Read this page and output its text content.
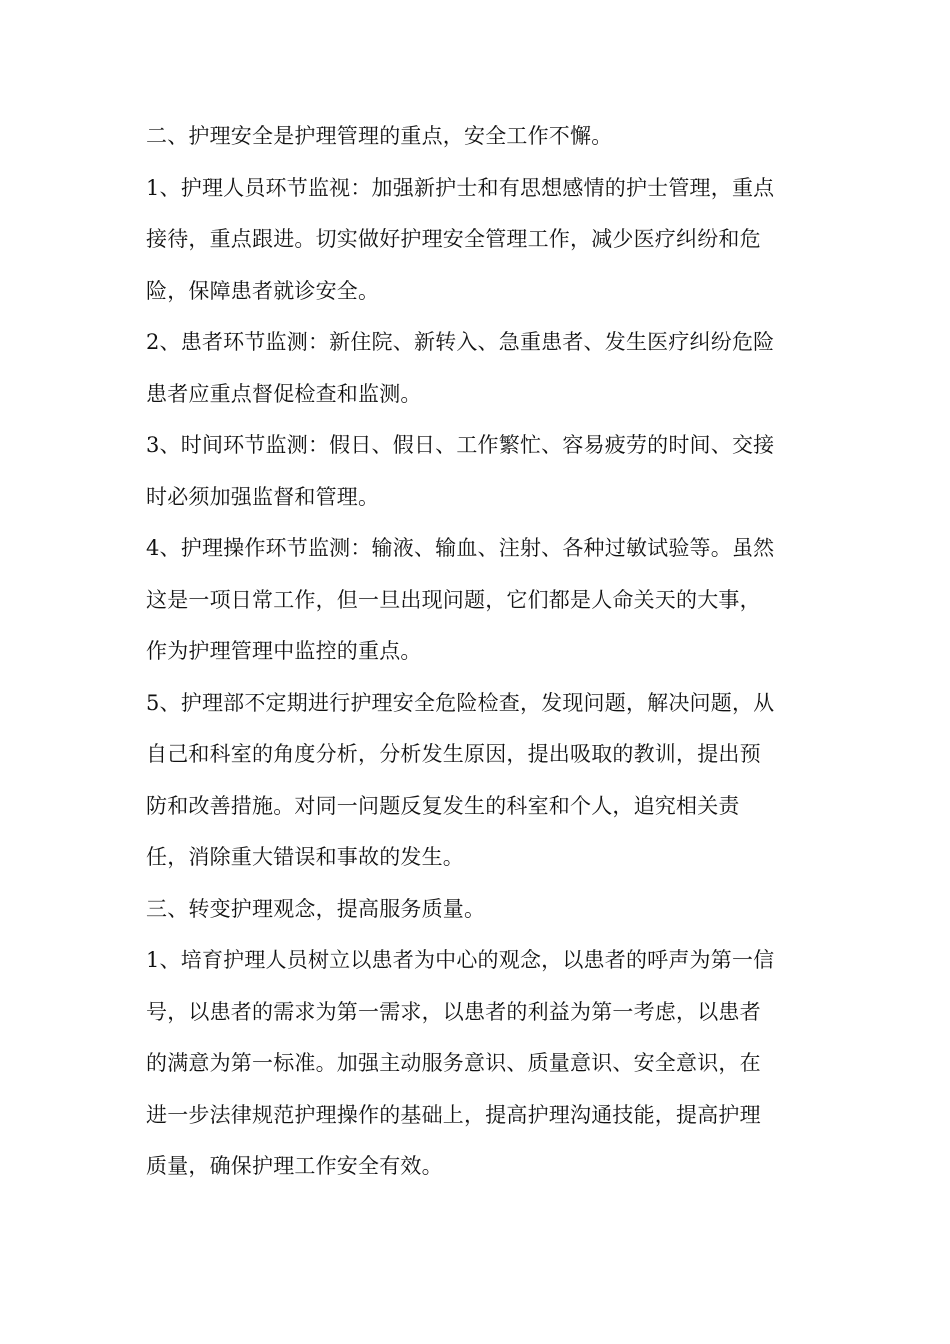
二、护理安全是护理管理的重点，安全工作不懈。
1、护理人员环节监视：加强新护士和有思想感情的护士管理，重点
接待，重点跟进。切实做好护理安全管理工作，减少医疗纠纷和危
险，保障患者就诊安全。
2、患者环节监测：新住院、新转入、急重患者、发生医疗纠纷危险
患者应重点督促检查和监测。
3、时间环节监测：假日、假日、工作繁忙、容易疲劳的时间、交接
时必须加强监督和管理。
4、护理操作环节监测：输液、输血、注射、各种过敏试验等。虽然
这是一项日常工作，但一旦出现问题，它们都是人命关天的大事，
作为护理管理中监控的重点。
5、护理部不定期进行护理安全危险检查，发现问题，解决问题，从
自己和科室的角度分析，分析发生原因，提出吸取的教训，提出预
防和改善措施。对同一问题反复发生的科室和个人，追究相关责
任，消除重大错误和事故的发生。
三、转变护理观念，提高服务质量。
1、培育护理人员树立以患者为中心的观念，以患者的呼声为第一信
号，以患者的需求为第一需求，以患者的利益为第一考虑，以患者
的满意为第一标准。加强主动服务意识、质量意识、安全意识，在
进一步法律规范护理操作的基础上，提高护理沟通技能，提高护理
质量，确保护理工作安全有效。
